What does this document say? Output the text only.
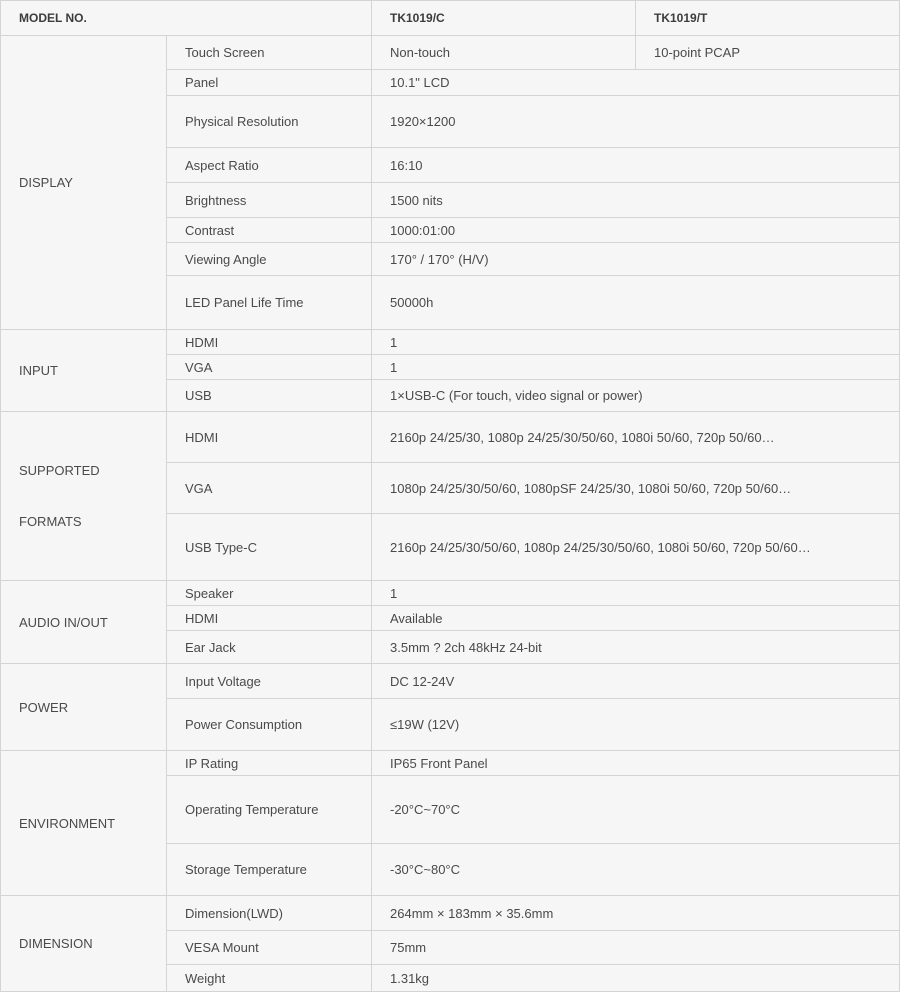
MODEL NO.		TK1019/C	TK1019/T
DISPLAY	Touch Screen	Non-touch	10-point PCAP
	Panel	10.1" LCD	
	Physical Resolution	1920×1200	
	Aspect Ratio	16:10	
	Brightness	1500 nits	
	Contrast	1000:01:00	
	Viewing Angle	170° / 170° (H/V)	
	LED Panel Life Time	50000h	
INPUT	HDMI	1	
	VGA	1	
	USB	1×USB-C (For touch, video signal or power)	

SUPPORTED
FORMATS	HDMI	2160p 24/25/30, 1080p 24/25/30/50/60, 1080i 50/60, 720p 50/60…	
	VGA	1080p 24/25/30/50/60, 1080pSF 24/25/30, 1080i 50/60, 720p 50/60…	
	USB Type-C	2160p 24/25/30/50/60, 1080p 24/25/30/50/60, 1080i 50/60, 720p 50/60…	
AUDIO IN/OUT	Speaker	1	
	HDMI	Available	
	Ear Jack	3.5mm ? 2ch 48kHz 24-bit	
POWER	Input Voltage	DC 12-24V	
	Power Consumption	≤19W (12V)	
ENVIRONMENT	IP Rating	IP65 Front Panel	
	Operating Temperature	-20°C~70°C	
	Storage Temperature	-30°C~80°C	
DIMENSION	Dimension(LWD)	264mm × 183mm × 35.6mm	
	VESA Mount	75mm	
	Weight	1.31kg	
